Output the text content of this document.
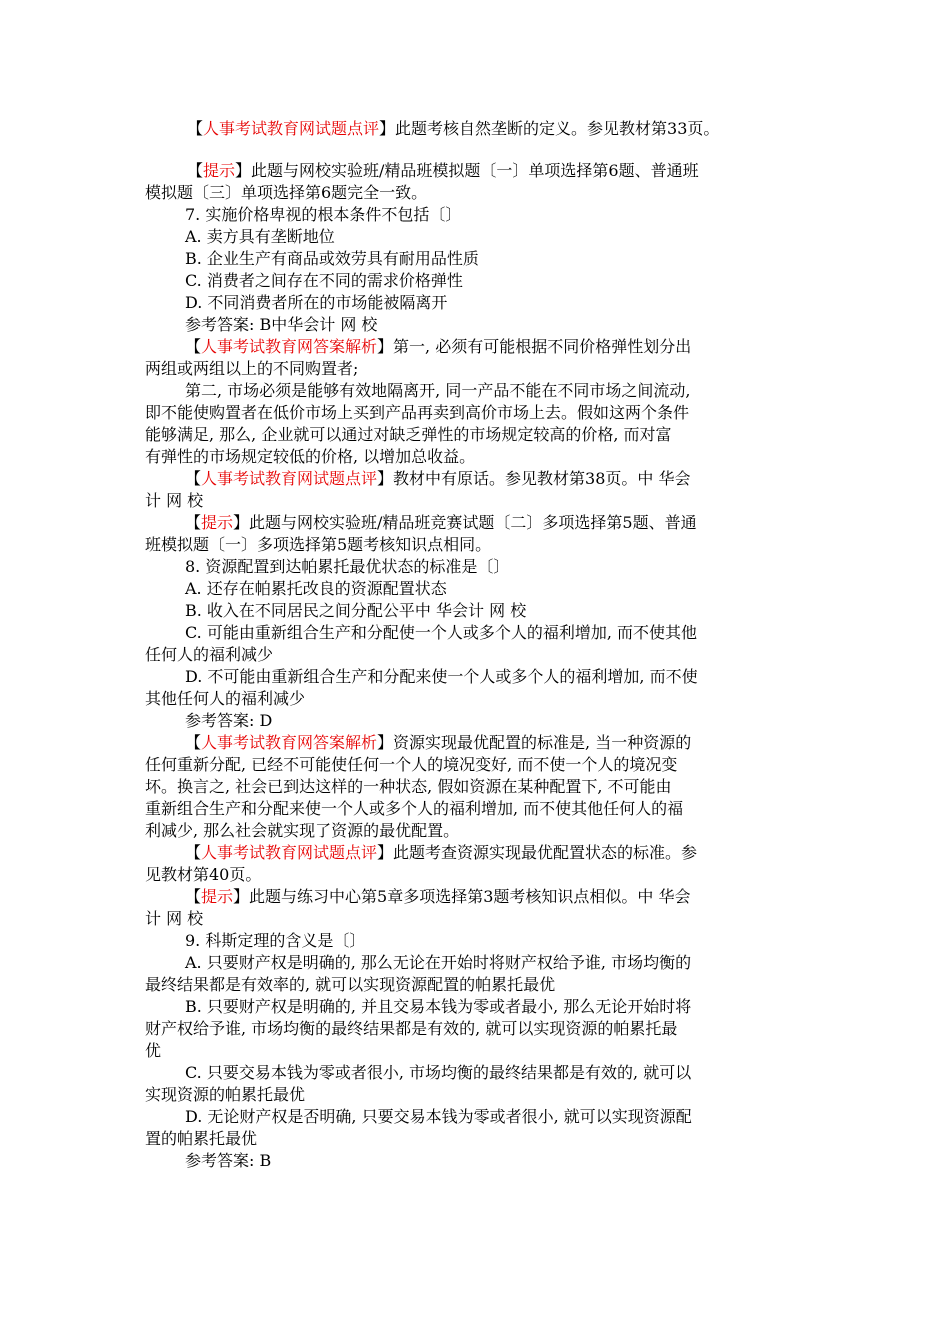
【人事考试教育网试题点评】此题考核自然垄断的定义。参见教材第33页。
【提示】此题与网校实验班/精品班模拟题〔一〕单项选择第6题、普通班
模拟题〔三〕单项选择第6题完全一致。
7. 实施价格卑视的根本条件不包括〔〕
A. 卖方具有垄断地位
B. 企业生产有商品或效劳具有耐用品性质
C. 消费者之间存在不同的需求价格弹性
D. 不同消费者所在的市场能被隔离开
参考答案: B中华会计 网 校
【人事考试教育网答案解析】第一, 必须有可能根据不同价格弹性划分出
两组或两组以上的不同购置者;
第二, 市场必须是能够有效地隔离开, 同一产品不能在不同市场之间流动,
即不能使购置者在低价市场上买到产品再卖到高价市场上去。假如这两个条件
能够满足, 那么, 企业就可以通过对缺乏弹性的市场规定较高的价格, 而对富
有弹性的市场规定较低的价格, 以增加总收益。
【人事考试教育网试题点评】教材中有原话。参见教材第38页。中 华会
计 网 校
【提示】此题与网校实验班/精品班竞赛试题〔二〕多项选择第5题、普通
班模拟题〔一〕多项选择第5题考核知识点相同。
8. 资源配置到达帕累托最优状态的标准是〔〕
A. 还存在帕累托改良的资源配置状态
B. 收入在不同居民之间分配公平中 华会计 网 校
C. 可能由重新组合生产和分配使一个人或多个人的福利增加, 而不使其他
任何人的福利减少
D. 不可能由重新组合生产和分配来使一个人或多个人的福利增加, 而不使
其他任何人的福利减少
参考答案: D
【人事考试教育网答案解析】资源实现最优配置的标准是, 当一种资源的
任何重新分配, 已经不可能使任何一个人的境况变好, 而不使一个人的境况变
坏。换言之, 社会已到达这样的一种状态, 假如资源在某种配置下, 不可能由
重新组合生产和分配来使一个人或多个人的福利增加, 而不使其他任何人的福
利减少, 那么社会就实现了资源的最优配置。
【人事考试教育网试题点评】此题考查资源实现最优配置状态的标准。参
见教材第40页。
【提示】此题与练习中心第5章多项选择第3题考核知识点相似。中 华会
计 网 校
9. 科斯定理的含义是〔〕
A. 只要财产权是明确的, 那么无论在开始时将财产权给予谁, 市场均衡的
最终结果都是有效率的, 就可以实现资源配置的帕累托最优
B. 只要财产权是明确的, 并且交易本钱为零或者最小, 那么无论开始时将
财产权给予谁, 市场均衡的最终结果都是有效的, 就可以实现资源的帕累托最
优
C. 只要交易本钱为零或者很小, 市场均衡的最终结果都是有效的, 就可以
实现资源的帕累托最优
D. 无论财产权是否明确, 只要交易本钱为零或者很小, 就可以实现资源配
置的帕累托最优
参考答案: B
